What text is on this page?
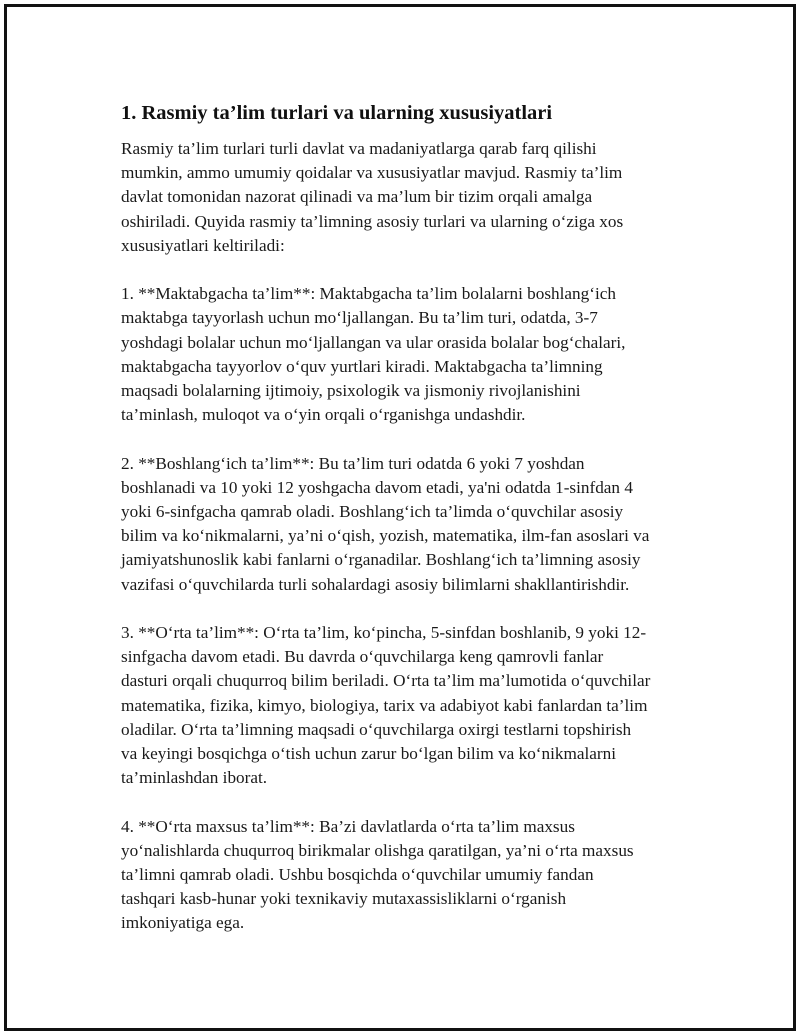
1. Rasmiy ta’lim turlari va ularning xususiyatlari

Rasmiy ta’lim turlari turli davlat va madaniyatlarga qarab farq qilishi
mumkin, ammo umumiy qoidalar va xususiyatlar mavjud. Rasmiy ta’lim
davlat tomonidan nazorat qilinadi va ma’lum bir tizim orqali amalga
oshiriladi. Quyida rasmiy ta’limning asosiy turlari va ularning o‘ziga xos
xususiyatlari keltiriladi:

1. **Maktabgacha ta’lim**: Maktabgacha ta’lim bolalarni boshlang‘ich
maktabga tayyorlash uchun mo‘ljallangan. Bu ta’lim turi, odatda, 3-7
yoshdagi bolalar uchun mo‘ljallangan va ular orasida bolalar bog‘chalari,
maktabgacha tayyorlov o‘quv yurtlari kiradi. Maktabgacha ta’limning
maqsadi bolalarning ijtimoiy, psixologik va jismoniy rivojlanishini
ta’minlash, muloqot va o‘yin orqali o‘rganishga undashdir.

2. **Boshlang‘ich ta’lim**: Bu ta’lim turi odatda 6 yoki 7 yoshdan
boshlanadi va 10 yoki 12 yoshgacha davom etadi, ya'ni odatda 1-sinfdan 4
yoki 6-sinfgacha qamrab oladi. Boshlang‘ich ta’limda o‘quvchilar asosiy
bilim va ko‘nikmalarni, ya’ni o‘qish, yozish, matematika, ilm-fan asoslari va
jamiyatshunoslik kabi fanlarni o‘rganadilar. Boshlang‘ich ta’limning asosiy
vazifasi o‘quvchilarda turli sohalardagi asosiy bilimlarni shakllantirishdir.

3. **O‘rta ta’lim**: O‘rta ta’lim, ko‘pincha, 5-sinfdan boshlanib, 9 yoki 12-
sinfgacha davom etadi. Bu davrda o‘quvchilarga keng qamrovli fanlar
dasturi orqali chuqurroq bilim beriladi. O‘rta ta’lim ma’lumotida o‘quvchilar
matematika, fizika, kimyo, biologiya, tarix va adabiyot kabi fanlardan ta’lim
oladilar. O‘rta ta’limning maqsadi o‘quvchilarga oxirgi testlarni topshirish
va keyingi bosqichga o‘tish uchun zarur bo‘lgan bilim va ko‘nikmalarni
ta’minlashdan iborat.

4. **O‘rta maxsus ta’lim**: Ba’zi davlatlarda o‘rta ta’lim maxsus
yo‘nalishlarda chuqurroq birikmalar olishga qaratilgan, ya’ni o‘rta maxsus
ta’limni qamrab oladi. Ushbu bosqichda o‘quvchilar umumiy fandan
tashqari kasb-hunar yoki texnikaviy mutaxassisliklarni o‘rganish
imkoniyatiga ega.
